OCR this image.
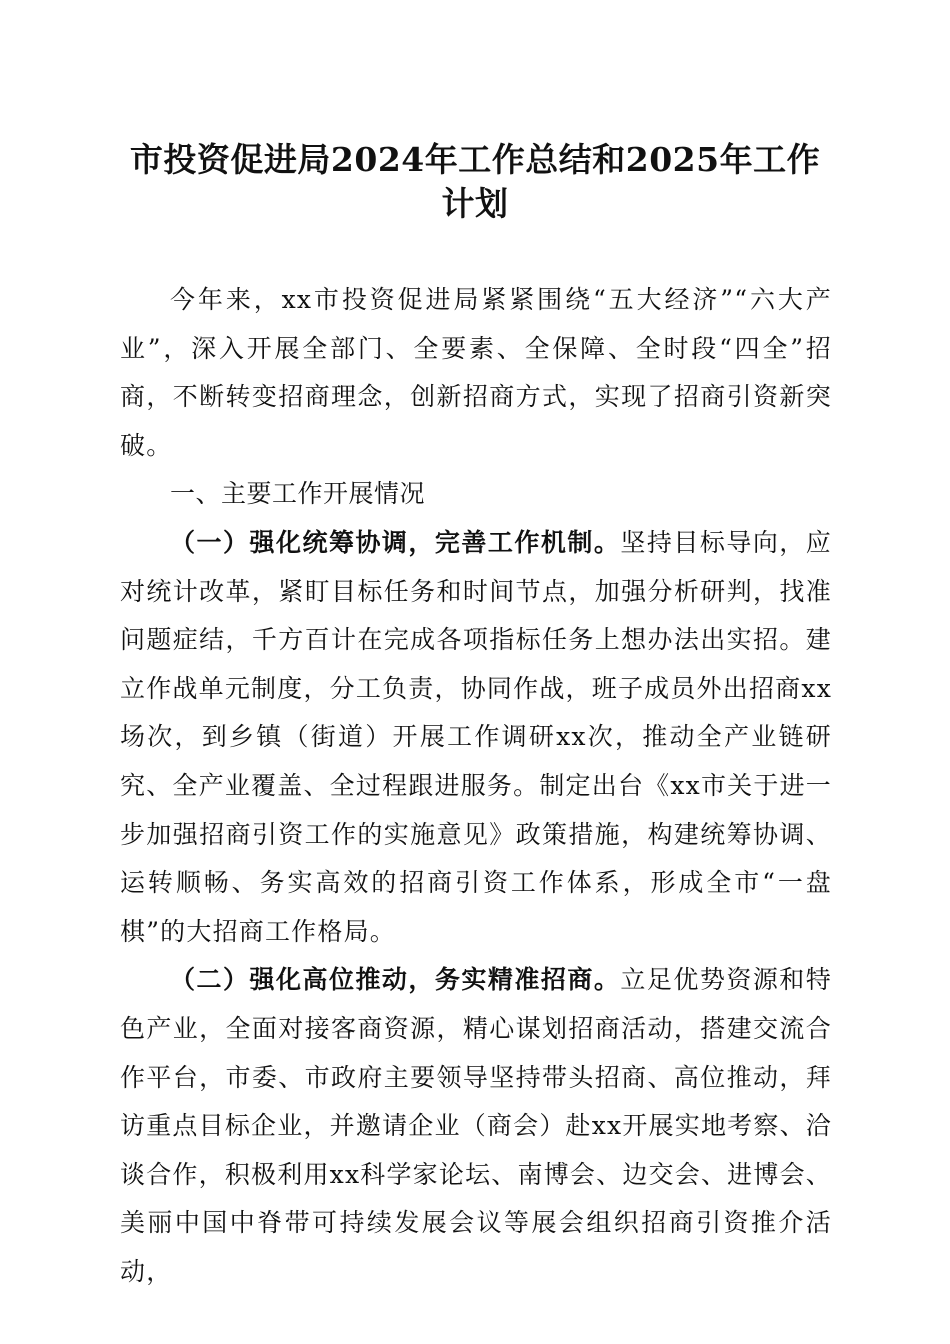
市投资促进局2024年工作总结和2025年工作
计划

今年来，xx市投资促进局紧紧围绕“五大经济”“六大产业”，深入开展全部门、全要素、全保障、全时段“四全”招商，不断转变招商理念，创新招商方式，实现了招商引资新突破。

一、主要工作开展情况

（一）强化统筹协调，完善工作机制。坚持目标导向，应对统计改革，紧盯目标任务和时间节点，加强分析研判，找准问题症结，千方百计在完成各项指标任务上想办法出实招。建立作战单元制度，分工负责，协同作战，班子成员外出招商xx场次，到乡镇（街道）开展工作调研xx次，推动全产业链研究、全产业覆盖、全过程跟进服务。制定出台《xx市关于进一步加强招商引资工作的实施意见》政策措施，构建统筹协调、运转顺畅、务实高效的招商引资工作体系，形成全市“一盘棋”的大招商工作格局。

（二）强化高位推动，务实精准招商。立足优势资源和特色产业，全面对接客商资源，精心谋划招商活动，搭建交流合作平台，市委、市政府主要领导坚持带头招商、高位推动，拜访重点目标企业，并邀请企业（商会）赴xx开展实地考察、洽谈合作，积极利用xx科学家论坛、南博会、边交会、进博会、美丽中国中脊带可持续发展会议等展会组织招商引资推介活动，
